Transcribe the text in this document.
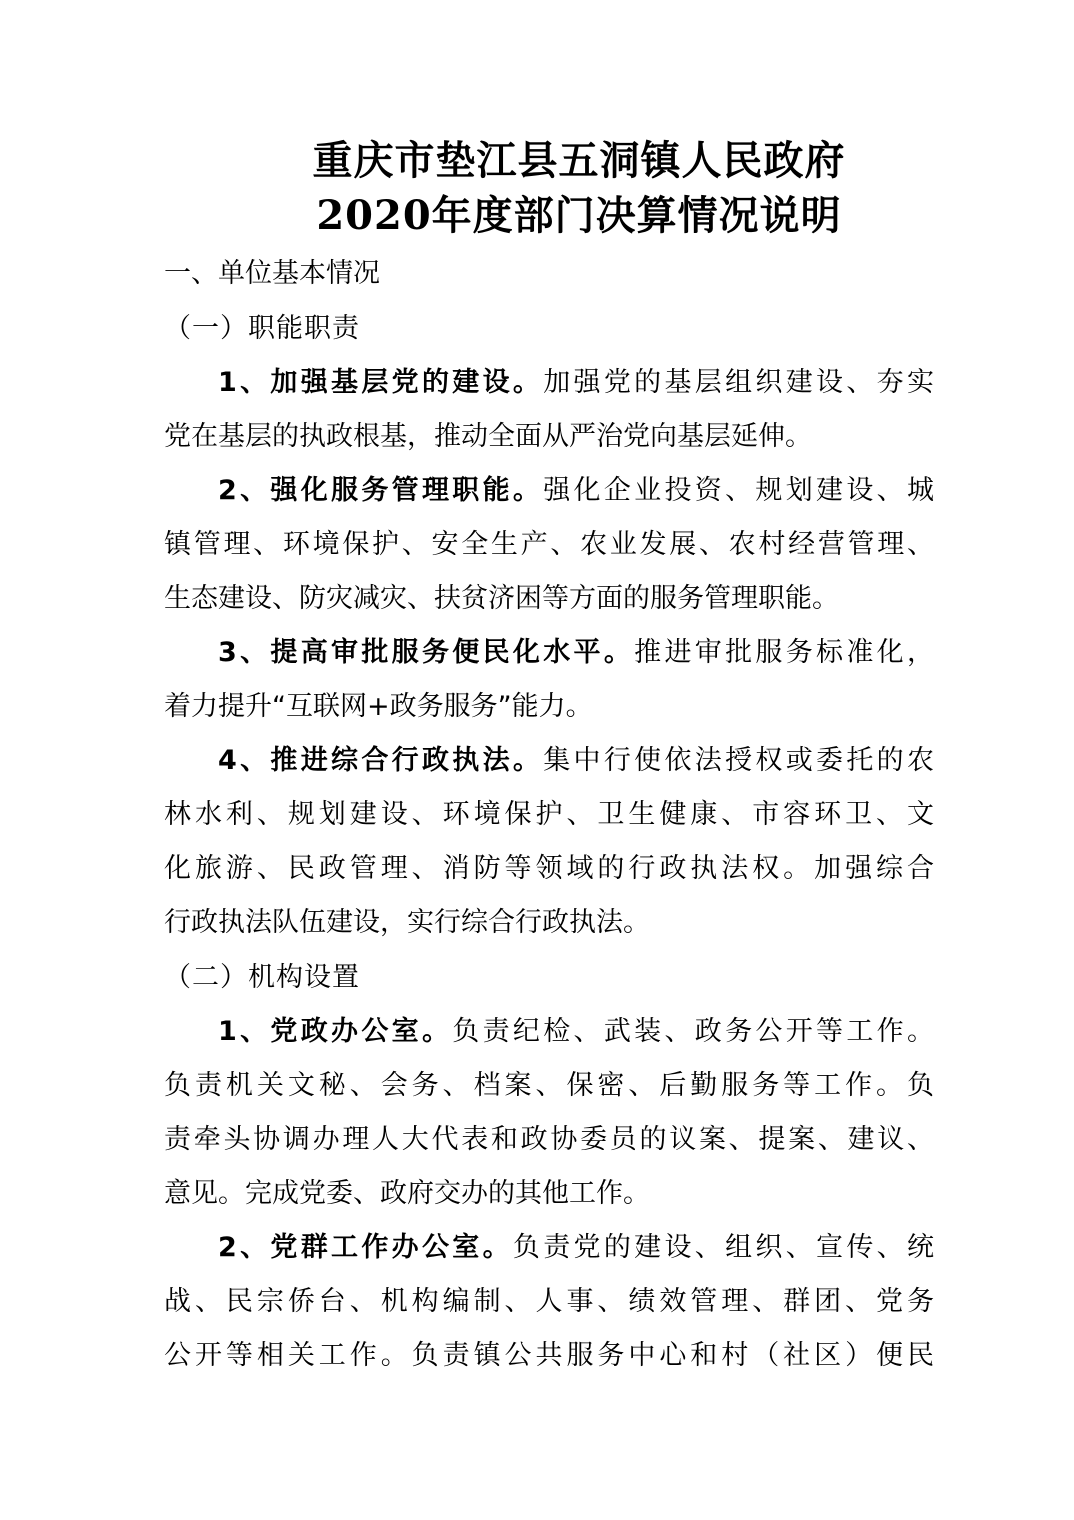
重庆市垫江县五洞镇人民政府
2020年度部门决算情况说明
一、单位基本情况
（一）职能职责
1、加强基层党的建设。加强党的基层组织建设、夯实
党在基层的执政根基，推动全面从严治党向基层延伸。
2、强化服务管理职能。强化企业投资、规划建设、城
镇管理、环境保护、安全生产、农业发展、农村经营管理、
生态建设、防灾减灾、扶贫济困等方面的服务管理职能。
3、提高审批服务便民化水平。推进审批服务标准化，
着力提升“互联网+政务服务”能力。
4、推进综合行政执法。集中行使依法授权或委托的农
林水利、规划建设、环境保护、卫生健康、市容环卫、文
化旅游、民政管理、消防等领域的行政执法权。加强综合
行政执法队伍建设，实行综合行政执法。
（二）机构设置
1、党政办公室。负责纪检、武装、政务公开等工作。
负责机关文秘、会务、档案、保密、后勤服务等工作。负
责牵头协调办理人大代表和政协委员的议案、提案、建议、
意见。完成党委、政府交办的其他工作。
2、党群工作办公室。负责党的建设、组织、宣传、统
战、民宗侨台、机构编制、人事、绩效管理、群团、党务
公开等相关工作。负责镇公共服务中心和村（社区）便民
